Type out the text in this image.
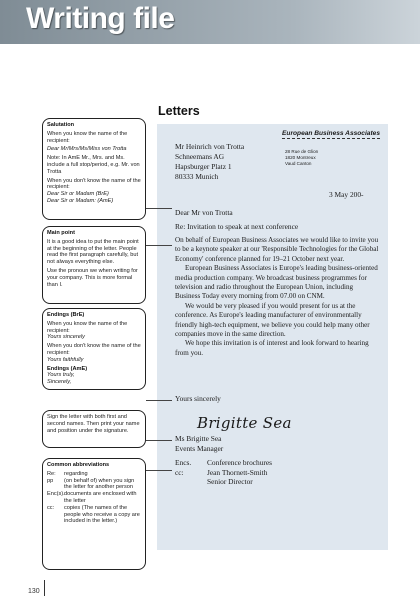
Writing file
Letters
European Business Associates
28 Rue de Glion
1820 Montreux
Vaud Canton
Mr Heinrich von Trotta
Schneemans AG
Hapsburger Platz 1
80333 Munich
3 May 200-
Dear Mr von Trotta
Re: Invitation to speak at next conference

On behalf of European Business Associates we would like to invite you to be a keynote speaker at our 'Responsible Technologies for the Global Economy' conference planned for 19–21 October next year.

European Business Associates is Europe's leading business-oriented media production company. We broadcast business programmes for television and radio throughout the European Union, including Business Today every morning from 07.00 on CNM.

We would be very pleased if you would present for us at the conference. As Europe's leading manufacturer of environmentally friendly high-tech equipment, we believe you could help many other companies move in the same direction.

We hope this invitation is of interest and look forward to hearing from you.

Yours sincerely
Brigitte Sea
Ms Brigitte Sea
Events Manager
Encs. Conference brochures
cc:	Jean Thornett-Smith
Senior Director

Salutation

When you know the name of the recipient:

Dear Mr/Mrs/Ms/Miss von Trotta

Note: In AmE Mr., Mrs. and Ms. include a full stop/period, e.g. Mr. von Trotta

When you don't know the name of the recipient:

Dear Sir or Madam (BrE)

Dear Sir or Madam: (AmE)

Main point

It is a good idea to put the main point at the beginning of the letter. People read the first paragraph carefully, but not always everything else.

Use the pronoun we when writing for your company. This is more formal than I.

Endings (BrE)

When you know the name of the recipient:

Yours sincerely

When you don't know the name of the recipient:

Yours faithfully

Endings (AmE)

Yours truly,

Sincerely,

Sign the letter with both first and second names. Then print your name and position under the signature.

Common abbreviations

Re:	regarding
pp	(on behalf of) when you sign the letter for another person
Enc(s). documents are enclosed with the letter
cc:	copies (The names of the people who receive a copy are included in the letter.)
130
